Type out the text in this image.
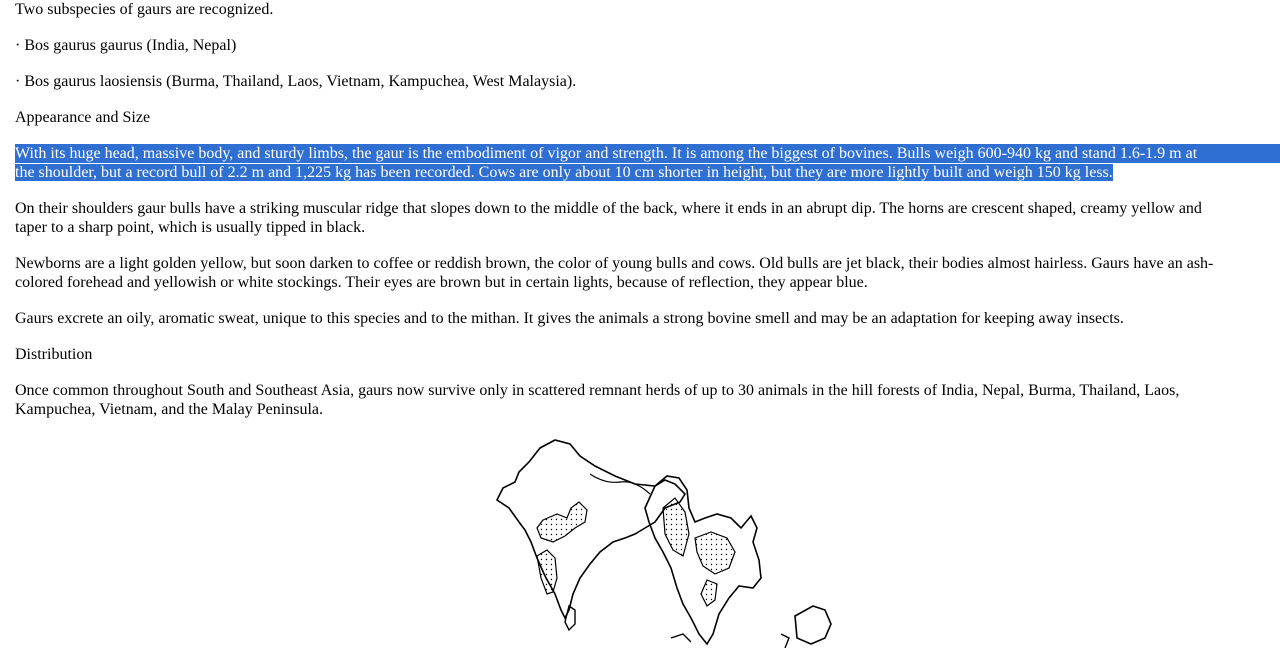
Two subspecies of gaurs are recognized.

· Bos gaurus gaurus (India, Nepal)

· Bos gaurus laosiensis (Burma, Thailand, Laos, Vietnam, Kampuchea, West Malaysia).

Appearance and Size

With its huge head, massive body, and sturdy limbs, the gaur is the embodiment of vigor and strength. It is among the biggest of bovines. Bulls weigh 600-940 kg and stand 1.6-1.9 m at
the shoulder, but a record bull of 2.2 m and 1,225 kg has been recorded. Cows are only about 10 cm shorter in height, but they are more lightly built and weigh 150 kg less.
On their shoulders gaur bulls have a striking muscular ridge that slopes down to the middle of the back, where it ends in an abrupt dip. The horns are crescent shaped, creamy yellow and
taper to a sharp point, which is usually tipped in black.
Newborns are a light golden yellow, but soon darken to coffee or reddish brown, the color of young bulls and cows. Old bulls are jet black, their bodies almost hairless. Gaurs have an ash-
colored forehead and yellowish or white stockings. Their eyes are brown but in certain lights, because of reflection, they appear blue.

Gaurs excrete an oily, aromatic sweat, unique to this species and to the mithan. It gives the animals a strong bovine smell and may be an adaptation for keeping away insects.

Distribution

Once common throughout South and Southeast Asia, gaurs now survive only in scattered remnant herds of up to 30 animals in the hill forests of India, Nepal, Burma, Thailand, Laos,
Kampuchea, Vietnam, and the Malay Peninsula.
